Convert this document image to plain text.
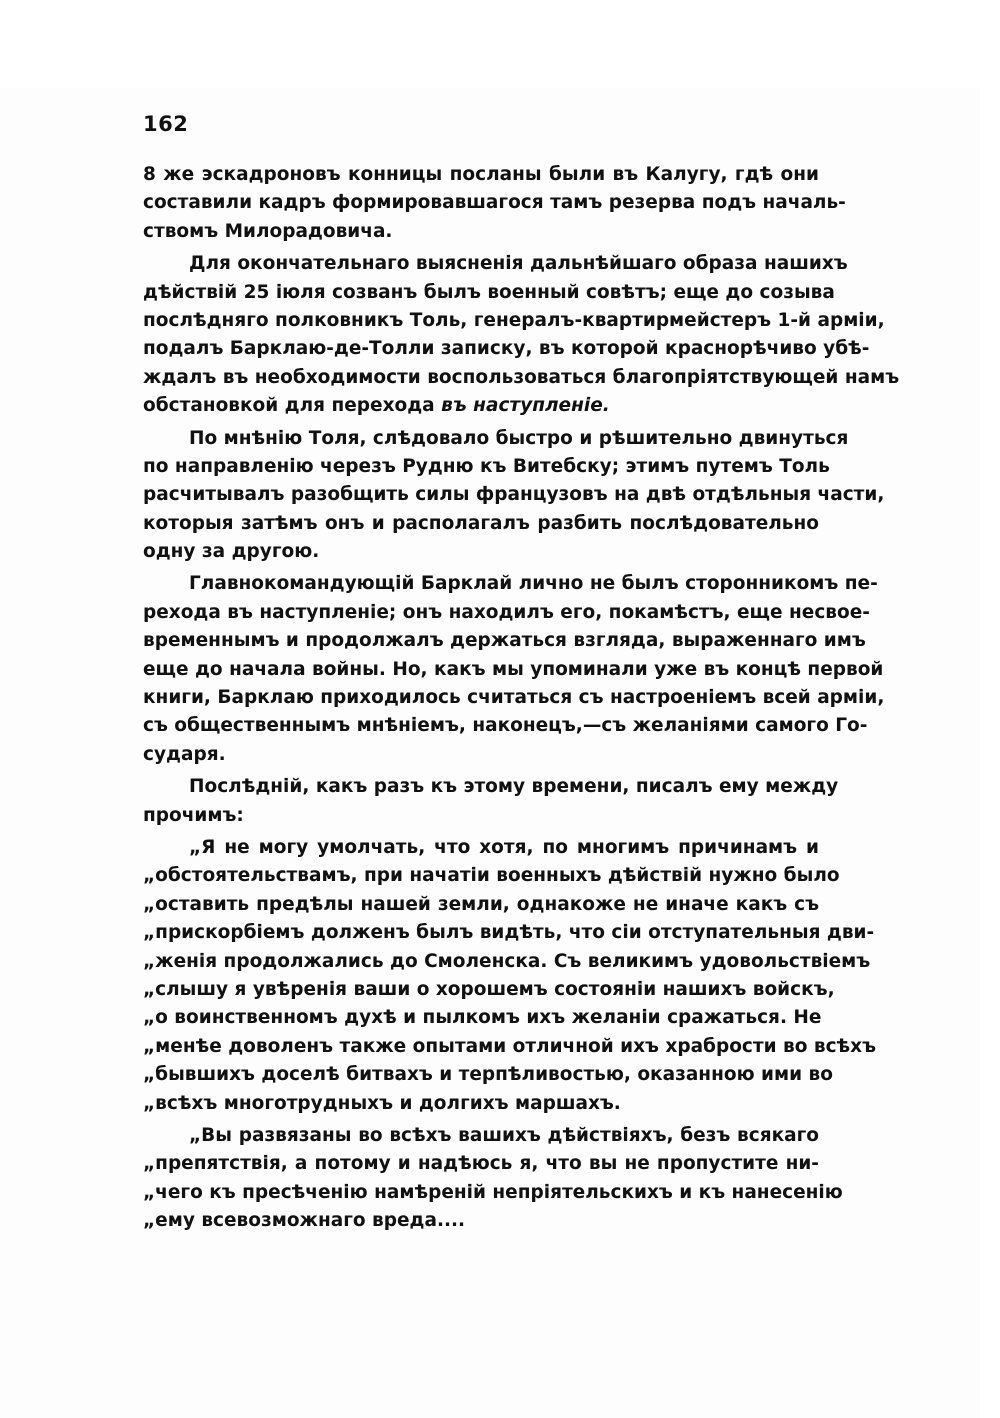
162
8 же эскадроновъ конницы посланы были въ Калугу, гдѣ они
составили кадръ формировавшагося тамъ резерва подъ началь-
ствомъ Милорадовича.
Для окончательнаго выясненія дальнѣйшаго образа нашихъ
дѣйствій 25 іюля созванъ былъ военный совѣтъ; еще до созыва
послѣдняго полковникъ Толь, генералъ-квартирмейстеръ 1-й арміи,
подалъ Барклаю-де-Толли записку, въ которой краснорѣчиво убѣ-
ждалъ въ необходимости воспользоваться благопріятствующей намъ
обстановкой для перехода въ наступленіе.
По мнѣнію Толя, слѣдовало быстро и рѣшительно двинуться
по направленію черезъ Рудню къ Витебску; этимъ путемъ Толь
расчитывалъ разобщить силы французовъ на двѣ отдѣльныя части,
которыя затѣмъ онъ и располагалъ разбить послѣдовательно
одну за другою.
Главнокомандующій Барклай лично не былъ сторонникомъ пе-
рехода въ наступленіе; онъ находилъ его, покамѣстъ, еще несвое-
временнымъ и продолжалъ держаться взгляда, выраженнаго имъ
еще до начала войны. Но, какъ мы упоминали уже въ концѣ первой
книги, Барклаю приходилось считаться съ настроеніемъ всей арміи,
съ общественнымъ мнѣніемъ, наконецъ,—съ желаніями самого Го-
сударя.
Послѣдній, какъ разъ къ этому времени, писалъ ему между
прочимъ:
„Я не могу умолчать, что хотя, по многимъ причинамъ и
„обстоятельствамъ, при начатіи военныхъ дѣйствій нужно было
„оставить предѣлы нашей земли, однакоже не иначе какъ съ
„прискорбіемъ долженъ былъ видѣть, что сіи отступательныя дви-
„женія продолжались до Смоленска. Съ великимъ удовольствіемъ
„слышу я увѣренія ваши о хорошемъ состояніи нашихъ войскъ,
„о воинственномъ духѣ и пылкомъ ихъ желаніи сражаться. Не
„менѣе доволенъ также опытами отличной ихъ храбрости во всѣхъ
„бывшихъ доселѣ битвахъ и терпѣливостью, оказанною ими во
„всѣхъ многотрудныхъ и долгихъ маршахъ.
„Вы развязаны во всѣхъ вашихъ дѣйствіяхъ, безъ всякаго
„препятствія, а потому и надѣюсь я, что вы не пропустите ни-
„чего къ пресѣченію намѣреній непріятельскихъ и къ нанесенію
„ему всевозможнаго вреда....
